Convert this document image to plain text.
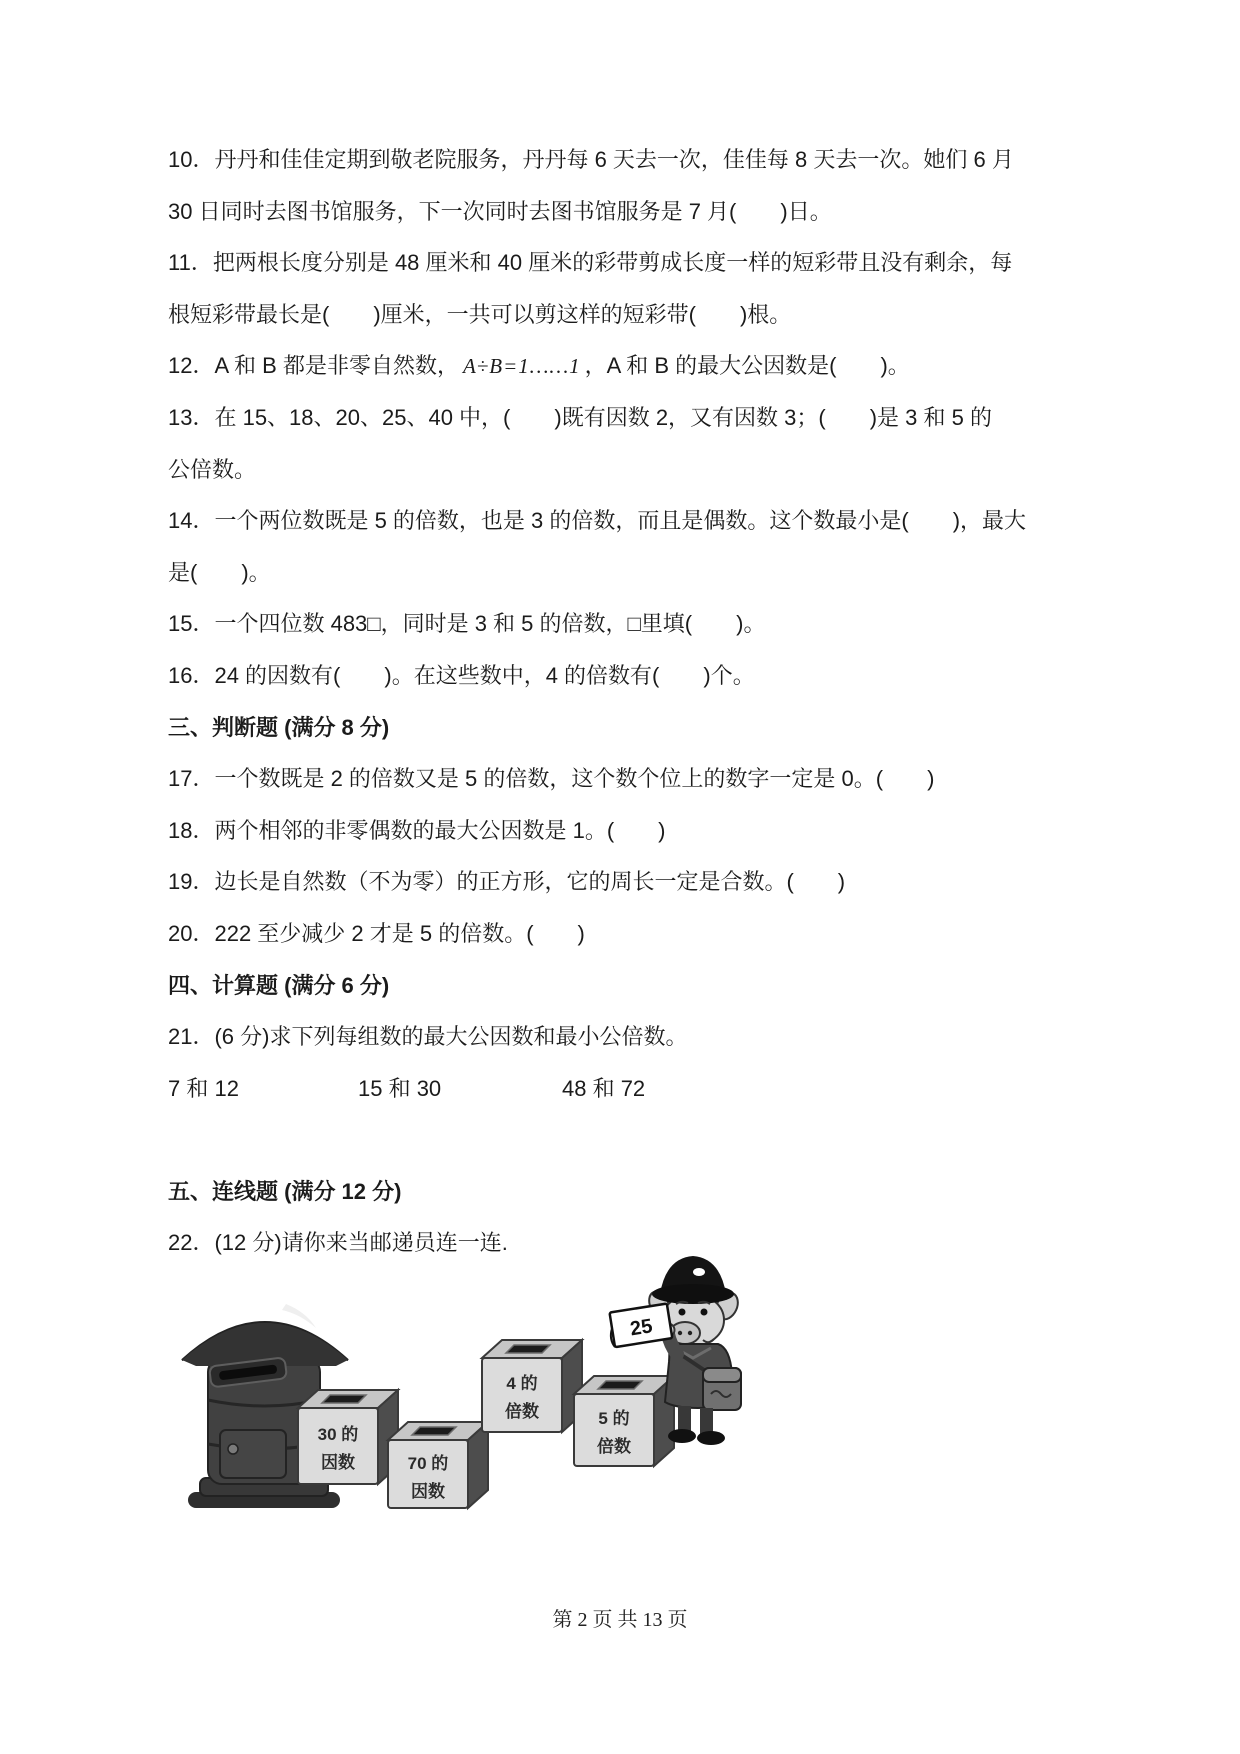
10．丹丹和佳佳定期到敬老院服务，丹丹每 6 天去一次，佳佳每 8 天去一次。她们 6 月
30 日同时去图书馆服务，下一次同时去图书馆服务是 7 月(　　)日。
11．把两根长度分别是 48 厘米和 40 厘米的彩带剪成长度一样的短彩带且没有剩余，每
根短彩带最长是(　　)厘米，一共可以剪这样的短彩带(　　)根。
12．A 和 B 都是非零自然数， A÷B=1……1 ，A 和 B 的最大公因数是(　　)。
13．在 15、18、20、25、40 中，(　　)既有因数 2，又有因数 3；(　　)是 3 和 5 的
公倍数。
14．一个两位数既是 5 的倍数，也是 3 的倍数，而且是偶数。这个数最小是(　　)，最大
是(　　)。
15．一个四位数 483□，同时是 3 和 5 的倍数，□里填(　　)。
16．24 的因数有(　　)。在这些数中，4 的倍数有(　　)个。
三、判断题 (满分 8 分)
17．一个数既是 2 的倍数又是 5 的倍数，这个数个位上的数字一定是 0。(　　)
18．两个相邻的非零偶数的最大公因数是 1。(　　)
19．边长是自然数（不为零）的正方形，它的周长一定是合数。(　　)
20．222 至少减少 2 才是 5 的倍数。(　　)
四、计算题 (满分 6 分)
21．(6 分)求下列每组数的最大公因数和最小公倍数。
7 和 12	15 和 30	48 和 72
五、连线题 (满分 12 分)
22．(12 分)请你来当邮递员连一连.
30 的
因数	70 的
因数
4 的
倍数	5 的
倍数
25
第 2 页 共 13 页
